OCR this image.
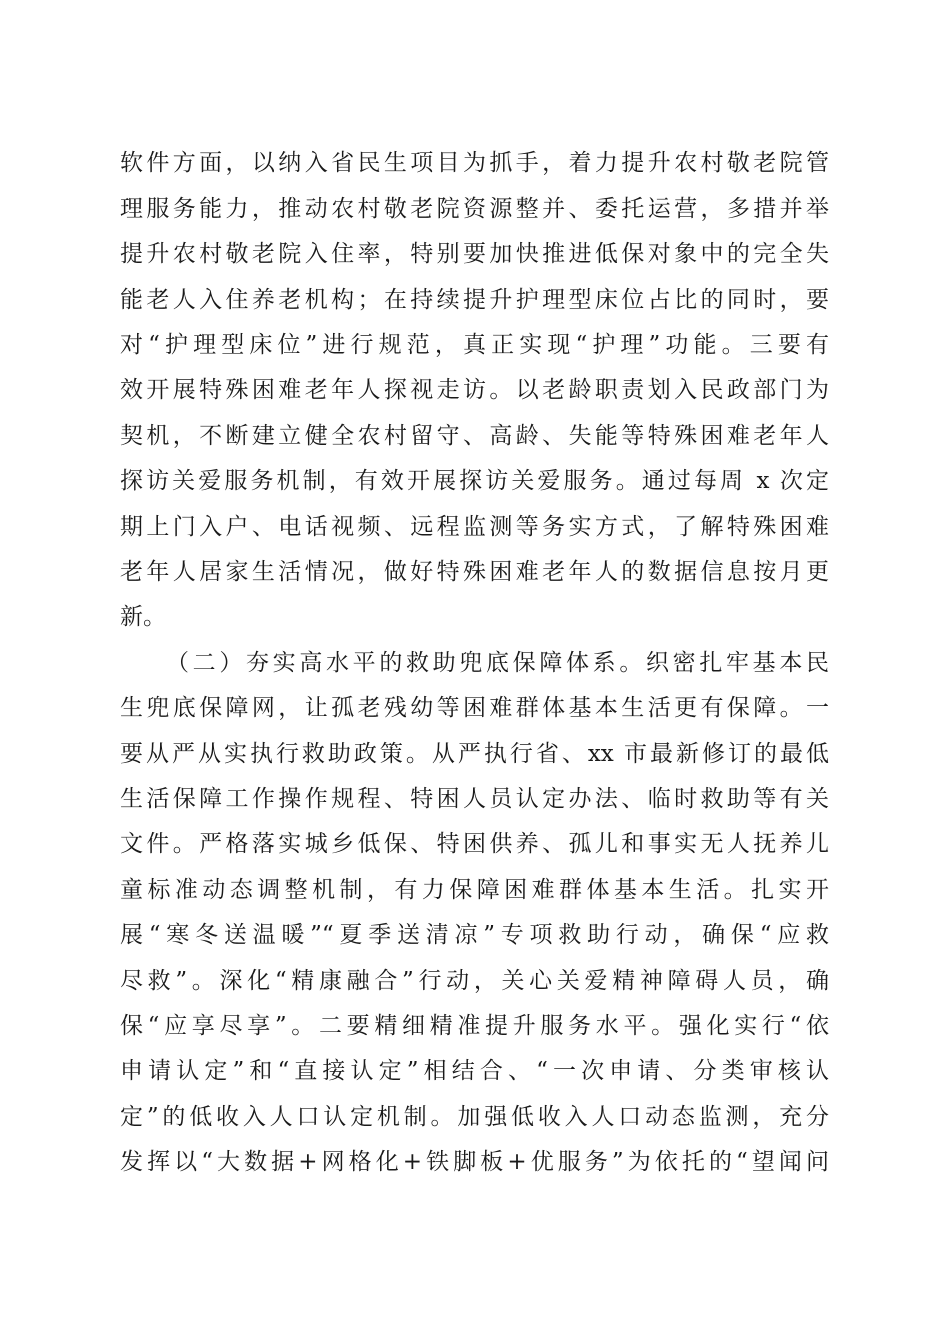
软件方面，以纳入省民生项目为抓手，着力提升农村敬老院管
理服务能力，推动农村敬老院资源整并、委托运营，多措并举
提升农村敬老院入住率，特别要加快推进低保对象中的完全失
能老人入住养老机构；在持续提升护理型床位占比的同时，要
对“护理型床位”进行规范，真正实现“护理”功能。三要有
效开展特殊困难老年人探视走访。以老龄职责划入民政部门为
契机，不断建立健全农村留守、高龄、失能等特殊困难老年人
探访关爱服务机制，有效开展探访关爱服务。通过每周 x 次定
期上门入户、电话视频、远程监测等务实方式，了解特殊困难
老年人居家生活情况，做好特殊困难老年人的数据信息按月更
新。
（二）夯实高水平的救助兜底保障体系。织密扎牢基本民
生兜底保障网，让孤老残幼等困难群体基本生活更有保障。一
要从严从实执行救助政策。从严执行省、xx 市最新修订的最低
生活保障工作操作规程、特困人员认定办法、临时救助等有关
文件。严格落实城乡低保、特困供养、孤儿和事实无人抚养儿
童标准动态调整机制，有力保障困难群体基本生活。扎实开
展“寒冬送温暖”“夏季送清凉”专项救助行动，确保“应救
尽救”。深化“精康融合”行动，关心关爱精神障碍人员，确
保“应享尽享”。二要精细精准提升服务水平。强化实行“依
申请认定”和“直接认定”相结合、“一次申请、分类审核认
定”的低收入人口认定机制。加强低收入人口动态监测，充分
发挥以“大数据+网格化+铁脚板+优服务”为依托的“望闻问
